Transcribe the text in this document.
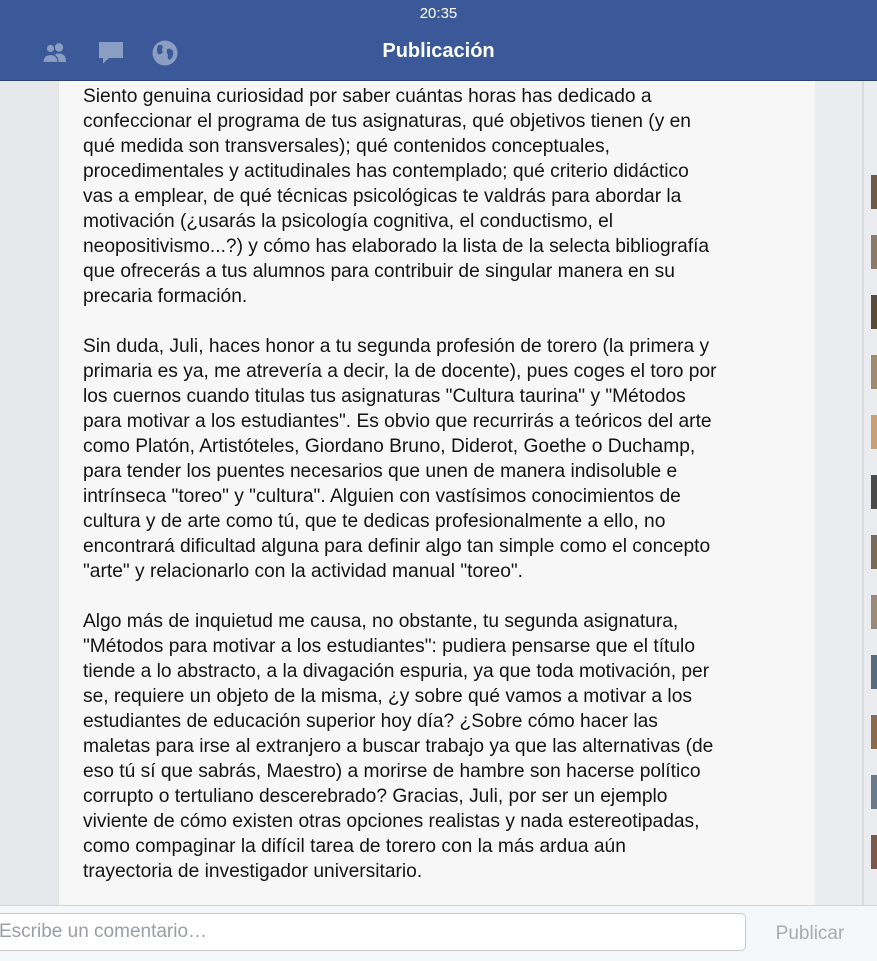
20:35
Publicación

Siento genuina curiosidad por saber cuántas horas has dedicado a
confeccionar el programa de tus asignaturas, qué objetivos tienen (y en
qué medida son transversales); qué contenidos conceptuales,
procedimentales y actitudinales has contemplado; qué criterio didáctico
vas a emplear, de qué técnicas psicológicas te valdrás para abordar la
motivación (¿usarás la psicología cognitiva, el conductismo, el
neopositivismo...?) y cómo has elaborado la lista de la selecta bibliografía
que ofrecerás a tus alumnos para contribuir de singular manera en su
precaria formación.

Sin duda, Juli, haces honor a tu segunda profesión de torero (la primera y
primaria es ya, me atrevería a decir, la de docente), pues coges el toro por
los cuernos cuando titulas tus asignaturas "Cultura taurina" y "Métodos
para motivar a los estudiantes". Es obvio que recurrirás a teóricos del arte
como Platón, Artistóteles, Giordano Bruno, Diderot, Goethe o Duchamp,
para tender los puentes necesarios que unen de manera indisoluble e
intrínseca "toreo" y "cultura". Alguien con vastísimos conocimientos de
cultura y de arte como tú, que te dedicas profesionalmente a ello, no
encontrará dificultad alguna para definir algo tan simple como el concepto
"arte" y relacionarlo con la actividad manual "toreo".

Algo más de inquietud me causa, no obstante, tu segunda asignatura,
"Métodos para motivar a los estudiantes": pudiera pensarse que el título
tiende a lo abstracto, a la divagación espuria, ya que toda motivación, per
se, requiere un objeto de la misma, ¿y sobre qué vamos a motivar a los
estudiantes de educación superior hoy día? ¿Sobre cómo hacer las
maletas para irse al extranjero a buscar trabajo ya que las alternativas (de
eso tú sí que sabrás, Maestro) a morirse de hambre son hacerse político
corrupto o tertuliano descerebrado? Gracias, Juli, por ser un ejemplo
viviente de cómo existen otras opciones realistas y nada estereotipadas,
como compaginar la difícil tarea de torero con la más ardua aún
trayectoria de investigador universitario.

Escribe un comentario…
Publicar
